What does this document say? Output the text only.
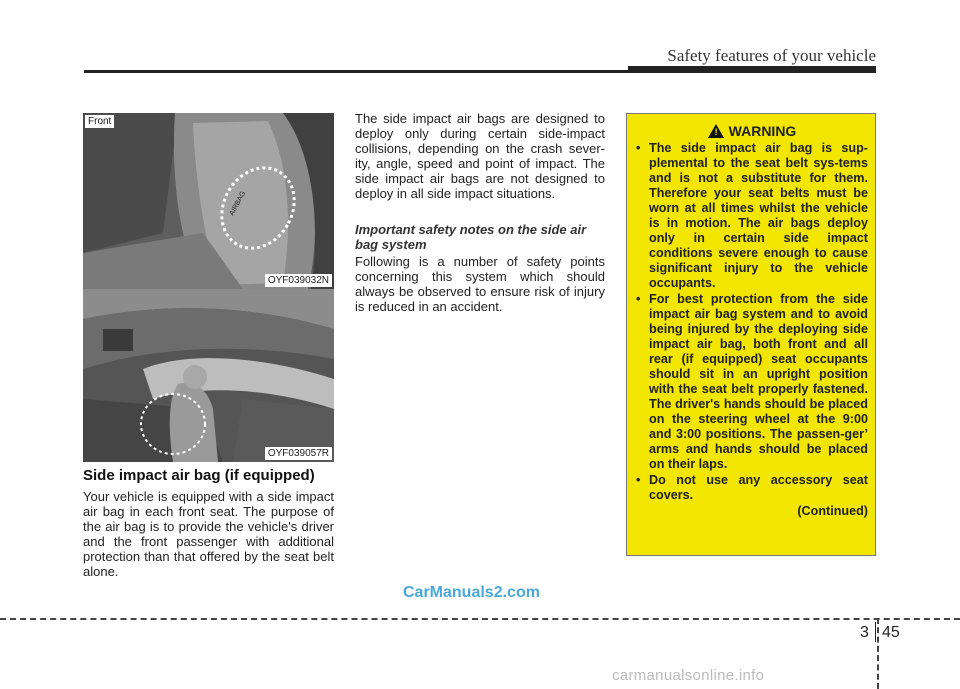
Safety features of your vehicle
AIRBAG
Front
OYF039032N
OYF039057R
Side impact air bag (if equipped)
Your vehicle is equipped with a side impact air bag in each front seat. The purpose of the air bag is to provide the vehicle's driver and the front passenger with additional protection than that offered by the seat belt alone.
The side impact air bags are designed to deploy only during certain side-impact collisions, depending on the crash sever-ity, angle, speed and point of impact. The side impact air bags are not designed to deploy in all side impact situations.
Important safety notes on the side air bag system
Following is a number of safety points concerning this system which should always be observed to ensure risk of injury is reduced in an accident.
! WARNING
• The side impact air bag is sup-plemental to the seat belt sys-tems and is not a substitute for them. Therefore your seat belts must be worn at all times whilst the vehicle is in motion. The air bags deploy only in certain side impact conditions severe enough to cause significant injury to the vehicle occupants.
• For best protection from the side impact air bag system and to avoid being injured by the deploying side impact air bag, both front and all rear (if equipped) seat occupants should sit in an upright position with the seat belt properly fastened. The driver's hands should be placed on the steering wheel at the 9:00 and 3:00 positions. The passen-ger’ arms and hands should be placed on their laps.
• Do not use any accessory seat covers.
(Continued)
CarManuals2.com
3 45
carmanualsonline.info
